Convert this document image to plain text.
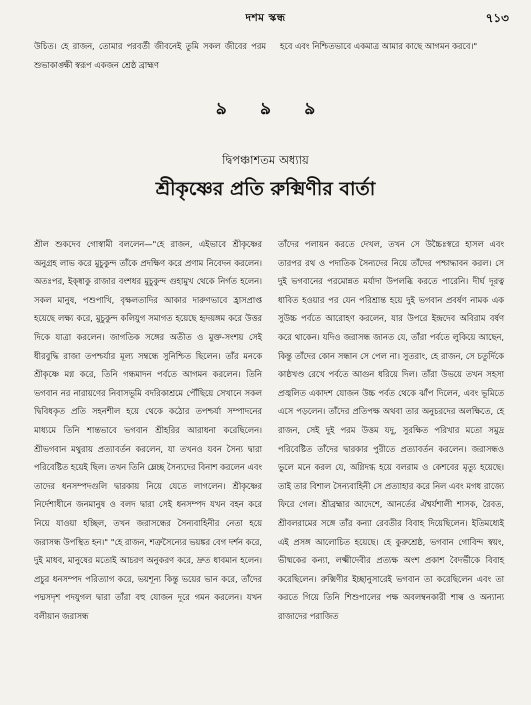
দশম স্কন্ধ	৭১৩

উচিত। হে রাজন, তোমার পরবর্তী জীবনেই তুমি সকল জীবের পরম শুভাকাঙ্ক্ষী স্বরূপ একজন শ্রেষ্ঠ ব্রাহ্মণ

হবে এবং নিশ্চিতভাবে একমাত্র আমার কাছে আগমন করবে।"

ঌ ঌ ঌ
দ্বিপঞ্চাশতম অধ্যায়
শ্রীকৃষ্ণের প্রতি রুক্মিণীর বার্তা

শ্রীল শুকদেব গোস্বামী বললেন—"হে রাজন, এইভাবে শ্রীকৃষ্ণের অনুগ্রহ লাভ করে মুচুকুন্দ তাঁকে প্রদক্ষিণ করে প্রণাম নিবেদন করলেন। অতঃপর, ইক্ষ্বাকু রাজার বংশধর মুচুকুন্দ গুহামুখ থেকে নির্গত হলেন। সকল মানুষ, পশুপাখি, বৃক্ষলতাদির আকার দারুণভাবে হ্রাসপ্রাপ্ত হয়েছে লক্ষ্য করে, মুচুকুন্দ কলিযুগ সমাগত হয়েছে হৃদয়ঙ্গম করে উত্তর দিকে যাত্রা করলেন। জাগতিক সঙ্গের অতীত ও মুক্ত-সংশয় সেই ধীরবুদ্ধি রাজা তপশ্চর্যার মূল্য সম্বন্ধে সুনিশ্চিত ছিলেন। তাঁর মনকে শ্রীকৃষ্ণে মগ্ন করে, তিনি গন্ধমাদন পর্বতে আগমন করলেন। তিনি ভগবান নর নারায়ণের নিবাসভূমি বদরিকাশ্রমে পৌঁছিয়ে সেখানে সকল দ্বিবিধকৃত প্রতি সহনশীল হয়ে থেকে কঠোর তপশ্চর্যা সম্পাদনের মাধ্যমে তিনি শান্তভাবে ভগবান শ্রীহরির আরাধনা করেছিলেন। শ্রীভগবান মথুরায় প্রত্যাবর্তন করলেন, যা তখনও যবন সৈন্য দ্বারা পরিবেষ্টিত হয়েই ছিল। তখন তিনি ম্লেচ্ছ সৈন্যদের বিনাশ করলেন এবং তাদের ধনসম্পদগুলি দ্বারকায় নিয়ে যেতে লাগলেন। শ্রীকৃষ্ণের নির্দেশাধীনে জনমানুষ ও বলদ দ্বারা সেই ধনসম্পদ যখন বহন করে নিয়ে যাওয়া হচ্ছিল, তখন জরাসন্ধের সৈন্যবাহিনীর নেতা হয়ে জরাসন্ধ উপস্থিত হন।" "হে রাজন, শত্রুসৈন্যের ভয়ঙ্কর বেগ দর্শন করে, দুই মাধব, মানুষের মতোই আচরণ অনুকরণ করে, দ্রুত ধাবমান হলেন। প্রচুর ধনসম্পদ পরিত্যাগ করে, ভয়শূন্য কিন্তু ভয়ের ভান করে, তাঁদের পদ্মসদৃশ পদযুগল দ্বারা তাঁরা বহু যোজন দূরে গমন করলেন। যখন বলীয়ান জরাসন্ধ

তাঁদের পলায়ন করতে দেখল, তখন সে উচ্চৈঃস্বরে হাসল এবং তারপর রথ ও পদাতিক সৈন্যদের নিয়ে তাঁদের পশ্চাদ্ধাবন করল। সে দুই ভগবানের পরমোন্নত মর্যাদা উপলব্ধি করতে পারেনি। দীর্ঘ দূরত্ব ধাবিত হওয়ার পর যেন পরিশ্রান্ত হয়ে দুই ভগবান প্রবর্ষণ নামক এক সুউচ্চ পর্বতে আরোহণ করলেন, যার উপরে ইন্দ্রদেব অবিরাম বর্ষণ করে থাকেন। যদিও জরাসন্ধ জানত যে, তাঁরা পর্বতে লুকিয়ে আছেন, কিন্তু তাঁদের কোন সন্ধান সে পেল না। সুতরাং, হে রাজন, সে চতুর্দিকে কাষ্ঠখণ্ড রেখে পর্বতে আগুন ধরিয়ে দিল। তাঁরা উভয়ে তখন সহসা প্রজ্বলিত একাদশ যোজন উচ্চ পর্বত থেকে ঝাঁপ দিলেন, এবং ভূমিতে এসে পড়লেন। তাঁদের প্রতিপক্ষ অথবা তার অনুচরদের অলক্ষিতে, হে রাজন, সেই দুই পরম উত্তম যদু, সুরক্ষিত পরিখার মতো সমুদ্র পরিবেষ্টিত তাঁদের দ্বারকার পুরীতে প্রত্যাবর্তন করলেন। জরাসন্ধও ভুলে মনে করল যে, অগ্নিদগ্ধ হয়ে বলরাম ও কেশবের মৃত্যু হয়েছে। তাই তার বিশাল সৈন্যবাহিনী সে প্রত্যাহার করে নিল এবং মগধ রাজ্যে ফিরে গেল। শ্রীব্রহ্মার আদেশে, আনর্তের ঐশ্বর্যশালী শাসক, রৈবত, শ্রীবলরামের সঙ্গে তাঁর কন্যা রেবতীর বিবাহ দিয়েছিলেন। ইতিমধ্যেই এই প্রসঙ্গ আলোচিত হয়েছে। হে কুরুশ্রেষ্ঠ, ভগবান গোবিন্দ স্বয়ং, ভীষ্মকের কন্যা, লক্ষ্মীদেবীর প্রত্যক্ষ অংশ প্রকাশ বৈদর্ভীকে বিবাহ করেছিলেন। রুক্মিণীর ইচ্ছানুসারেই ভগবান তা করেছিলেন এবং তা করতে গিয়ে তিনি শিশুপালের পক্ষ অবলম্বনকারী শাল্ব ও অন্যান্য রাজাদের পরাজিত
